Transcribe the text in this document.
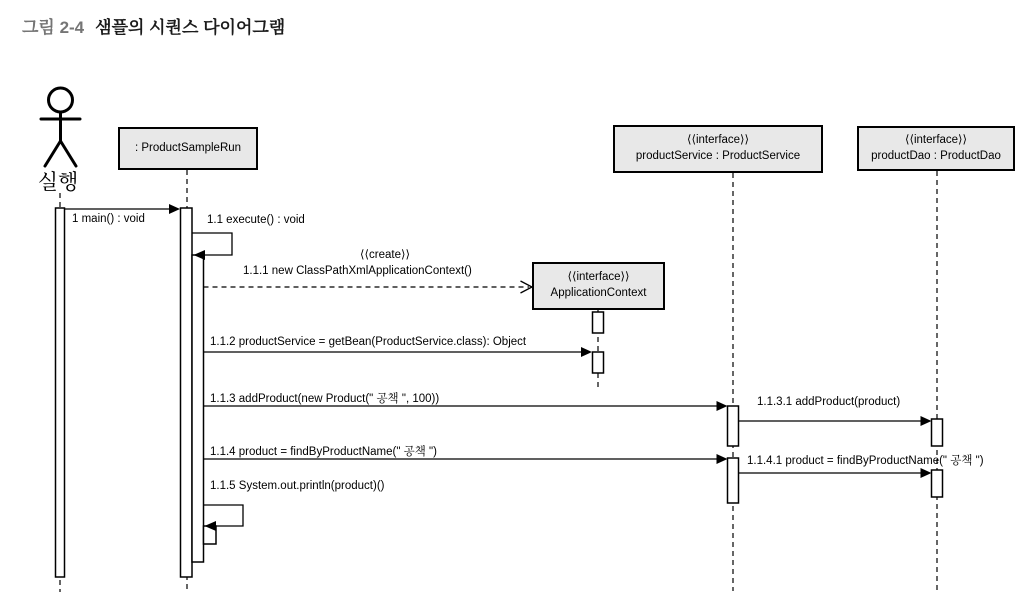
그림 2-4 샘플의 시퀀스 다이어그램
실행
: ProductSampleRun
⟨⟨interface⟩⟩
productService : ProductService
⟨⟨interface⟩⟩
productDao : ProductDao
⟨⟨interface⟩⟩
ApplicationContext
1 main() : void	1.1 execute() : void
⟨⟨create⟩⟩
1.1.1 new ClassPathXmlApplicationContext()
1.1.2 productService = getBean(ProductService.class): Object
1.1.3 addProduct(new Product(" 공책 ", 100))	1.1.3.1 addProduct(product)
1.1.4 product = findByProductName(" 공책 ")
1.1.4.1 product = findByProductName(" 공책 ")
1.1.5 System.out.println(product)()
